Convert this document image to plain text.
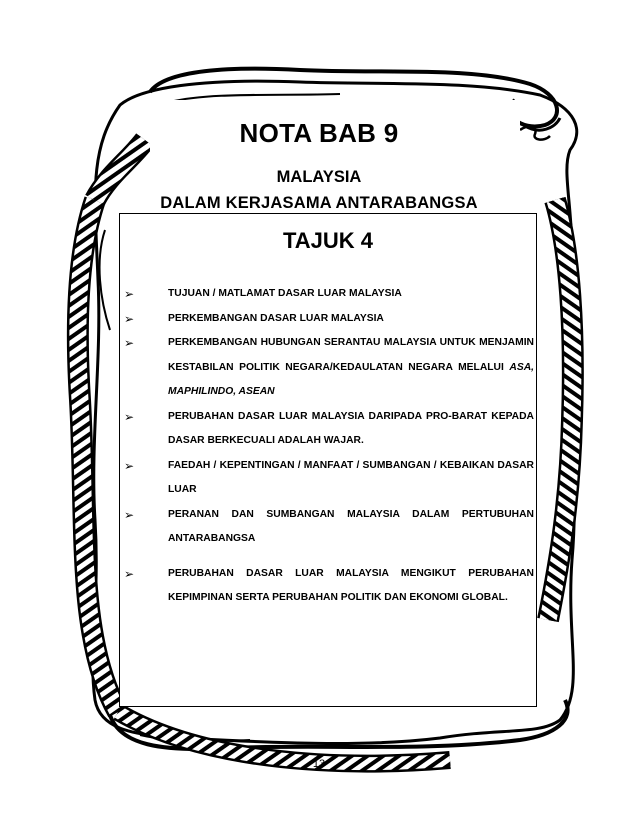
NOTA BAB 9
MALAYSIA
DALAM KERJASAMA ANTARABANGSA
TAJUK 4
➢	TUJUAN / MATLAMAT DASAR LUAR MALAYSIA
➢	PERKEMBANGAN DASAR LUAR MALAYSIA
➢	PERKEMBANGAN HUBUNGAN SERANTAU MALAYSIA UNTUK MENJAMIN KESTABILAN POLITIK NEGARA/KEDAULATAN NEGARA MELALUI ASA, MAPHILINDO, ASEAN
➢	PERUBAHAN DASAR LUAR MALAYSIA DARIPADA PRO-BARAT KEPADA DASAR BERKECUALI ADALAH WAJAR.
➢	FAEDAH / KEPENTINGAN / MANFAAT / SUMBANGAN / KEBAIKAN DASAR LUAR
➢	PERANAN DAN SUMBANGAN MALAYSIA DALAM PERTUBUHAN ANTARABANGSA
➢	PERUBAHAN DASAR LUAR MALAYSIA MENGIKUT PERUBAHAN KEPIMPINAN SERTA PERUBAHAN POLITIK DAN EKONOMI GLOBAL.
13
